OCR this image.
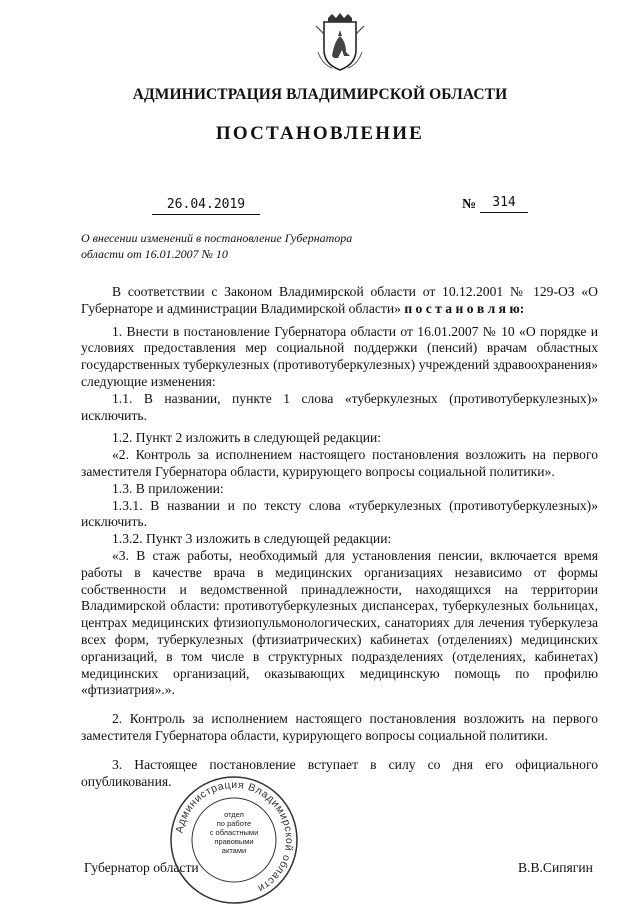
АДМИНИСТРАЦИЯ ВЛАДИМИРСКОЙ ОБЛАСТИ
ПОСТАНОВЛЕНИЕ
26.04.2019	№	314
О внесении изменений в постановление Губернатора
области от 16.01.2007 № 10

В соответствии с Законом Владимирской области от 10.12.2001 № 129-ОЗ «О Губернаторе и администрации Владимирской области» п о с т а н о в л я ю:

1. Внести в постановление Губернатора области от 16.01.2007 № 10 «О порядке и условиях предоставления мер социальной поддержки (пенсий) врачам областных государственных туберкулезных (противотуберкулезных) учреждений здравоохранения» следующие изменения:

1.1. В названии, пункте 1 слова «туберкулезных (противотуберкулезных)» исключить.

1.2. Пункт 2 изложить в следующей редакции:

«2. Контроль за исполнением настоящего постановления возложить на первого заместителя Губернатора области, курирующего вопросы социальной политики».

1.3. В приложении:

1.3.1. В названии и по тексту слова «туберкулезных (противотуберкулезных)» исключить.

1.3.2. Пункт 3 изложить в следующей редакции:

«3. В стаж работы, необходимый для установления пенсии, включается время работы в качестве врача в медицинских организациях независимо от формы собственности и ведомственной принадлежности, находящихся на территории Владимирской области: противотуберкулезных диспансерах, туберкулезных больницах, центрах медицинских фтизиопульмонологических, санаториях для лечения туберкулеза всех форм, туберкулезных (фтизиатрических) кабинетах (отделениях) медицинских организаций, в том числе в структурных подразделениях (отделениях, кабинетах) медицинских организаций, оказывающих медицинскую помощь по профилю «фтизиатрия».».

2. Контроль за исполнением настоящего постановления возложить на первого заместителя Губернатора области, курирующего вопросы социальной политики.

3. Настоящее постановление вступает в силу со дня его официального опубликования.

Губернатор области	В.В.Сипягин
Администрация Владимирской области
отдел
по работе
с областными
правовыми
актами
